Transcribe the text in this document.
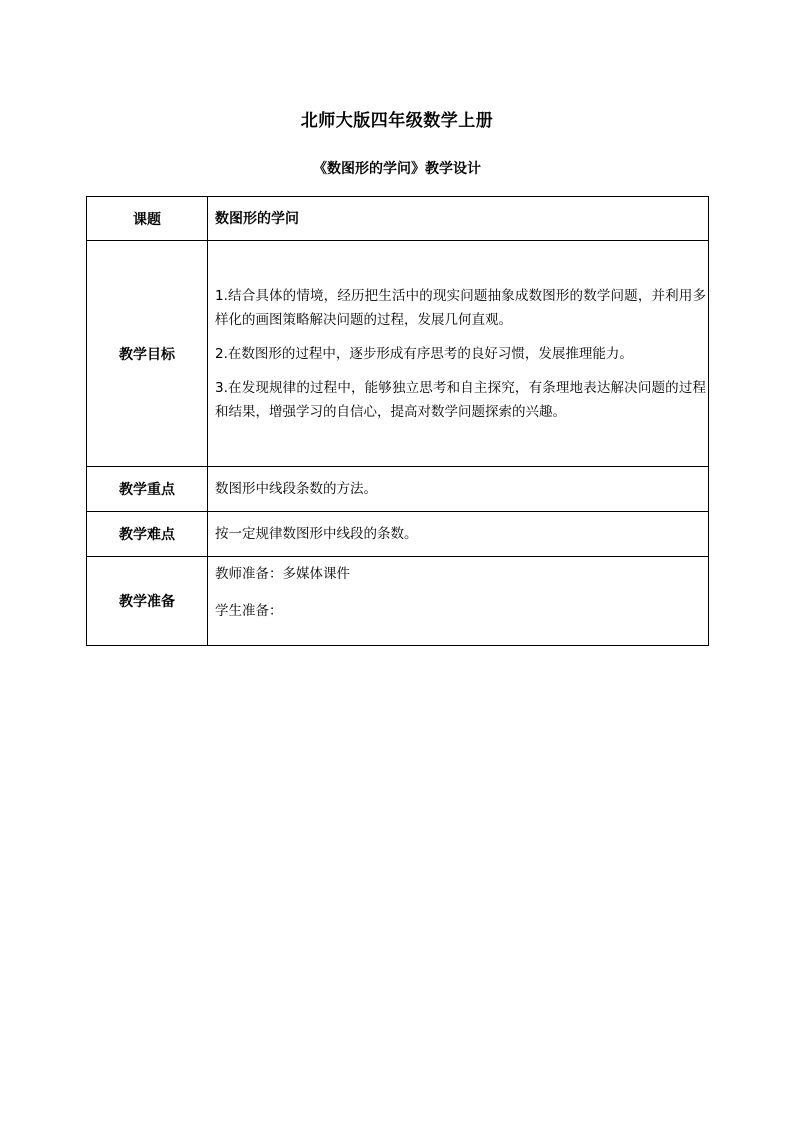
北师大版四年级数学上册
《数图形的学问》教学设计
课题	数图形的学问
教学目标	1.结合具体的情境，经历把生活中的现实问题抽象成数图形的数学问题，并利用多样化的画图策略解决问题的过程，发展几何直观。

2.在数图形的过程中，逐步形成有序思考的良好习惯，发展推理能力。

3.在发现规律的过程中，能够独立思考和自主探究，有条理地表达解决问题的过程和结果，增强学习的自信心，提高对数学问题探索的兴趣。

教学重点	数图形中线段条数的方法。
教学难点	按一定规律数图形中线段的条数。
教学准备	教师准备：多媒体课件

学生准备：
